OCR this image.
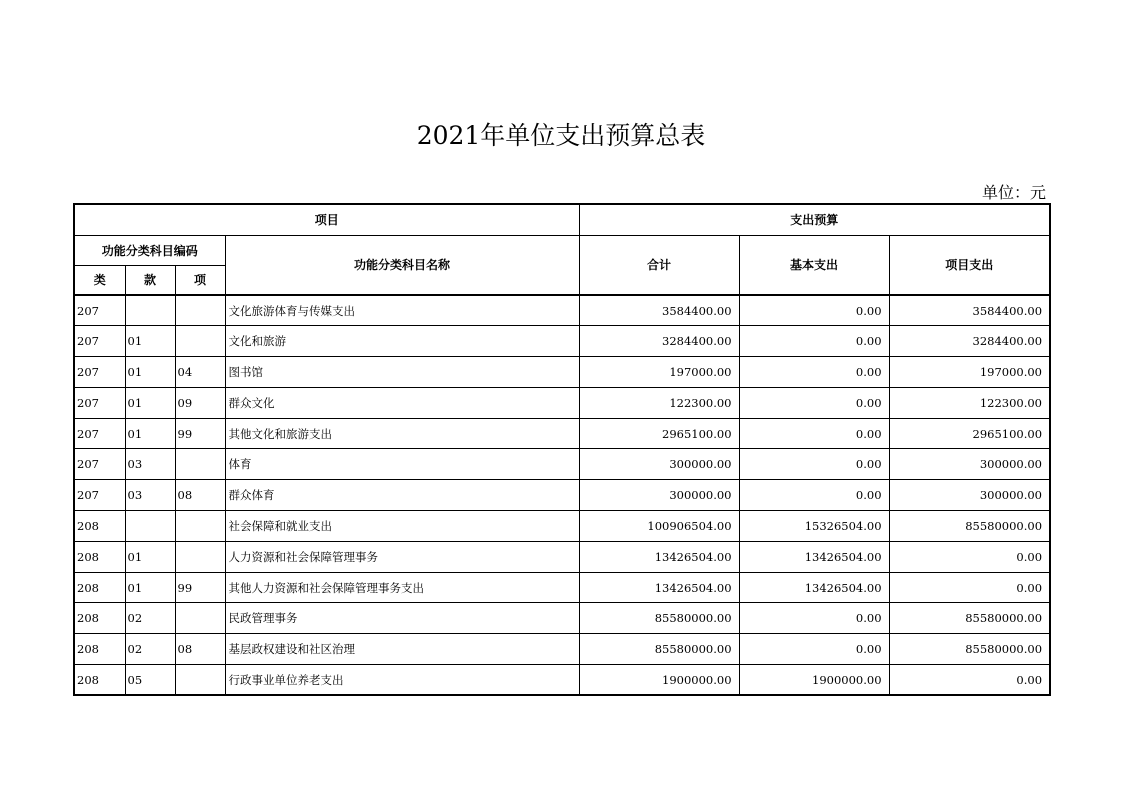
2021年单位支出预算总表
单位：元
项目				支出预算		
功能分类科目编码			功能分类科目名称	合计	基本支出	项目支出
类	款	项				
207			文化旅游体育与传媒支出	3584400.00	0.00	3584400.00
207	01		文化和旅游	3284400.00	0.00	3284400.00
207	01	04	图书馆	197000.00	0.00	197000.00
207	01	09	群众文化	122300.00	0.00	122300.00
207	01	99	其他文化和旅游支出	2965100.00	0.00	2965100.00
207	03		体育	300000.00	0.00	300000.00
207	03	08	群众体育	300000.00	0.00	300000.00
208			社会保障和就业支出	100906504.00	15326504.00	85580000.00
208	01		人力资源和社会保障管理事务	13426504.00	13426504.00	0.00
208	01	99	其他人力资源和社会保障管理事务支出	13426504.00	13426504.00	0.00
208	02		民政管理事务	85580000.00	0.00	85580000.00
208	02	08	基层政权建设和社区治理	85580000.00	0.00	85580000.00
208	05		行政事业单位养老支出	1900000.00	1900000.00	0.00
